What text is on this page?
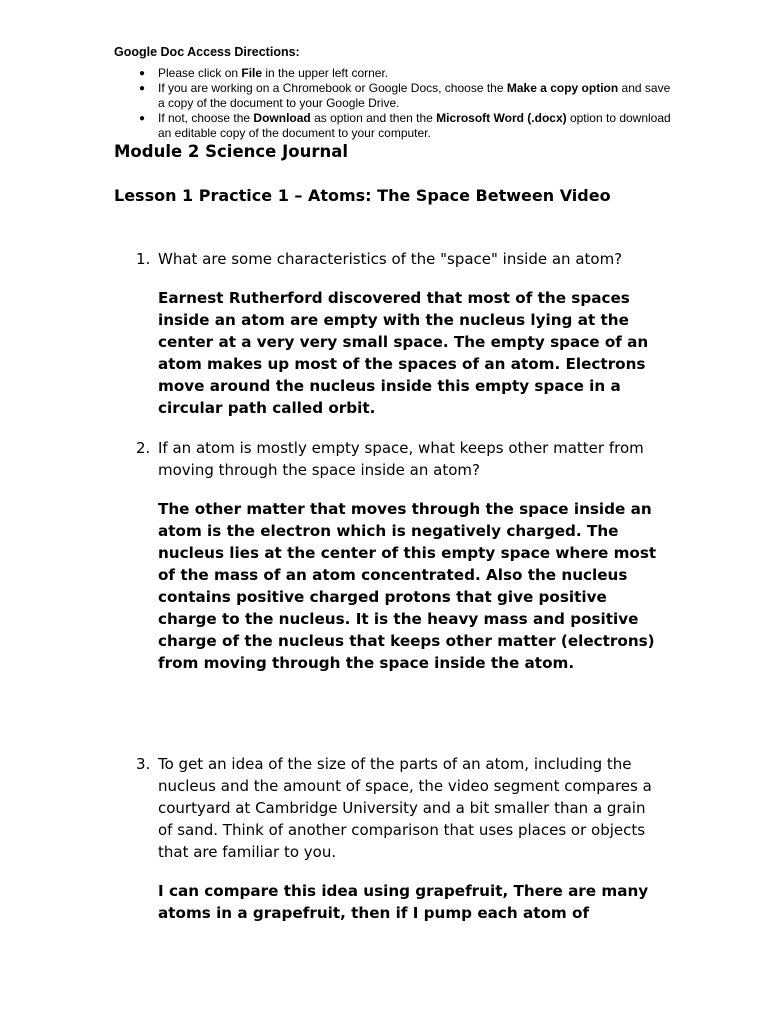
Google Doc Access Directions:

● Please click on File in the upper left corner.
● If you are working on a Chromebook or Google Docs, choose the Make a copy option and save a copy of the document to your Google Drive.
● If not, choose the Download as option and then the Microsoft Word (.docx) option to download an editable copy of the document to your computer.
Module 2 Science Journal
Lesson 1 Practice 1 – Atoms: The Space Between Video
1. What are some characteristics of the "space" inside an atom?
Earnest Rutherford discovered that most of the spaces inside an atom are empty with the nucleus lying at the center at a very very small space. The empty space of an atom makes up most of the spaces of an atom. Electrons move around the nucleus inside this empty space in a circular path called orbit.
2. If an atom is mostly empty space, what keeps other matter from moving through the space inside an atom?
The other matter that moves through the space inside an atom is the electron which is negatively charged. The nucleus lies at the center of this empty space where most of the mass of an atom concentrated. Also the nucleus contains positive charged protons that give positive charge to the nucleus. It is the heavy mass and positive charge of the nucleus that keeps other matter (electrons) from moving through the space inside the atom.
3. To get an idea of the size of the parts of an atom, including the nucleus and the amount of space, the video segment compares a courtyard at Cambridge University and a bit smaller than a grain of sand. Think of another comparison that uses places or objects that are familiar to you.
I can compare this idea using grapefruit, There are many atoms in a grapefruit, then if I pump each atom of
